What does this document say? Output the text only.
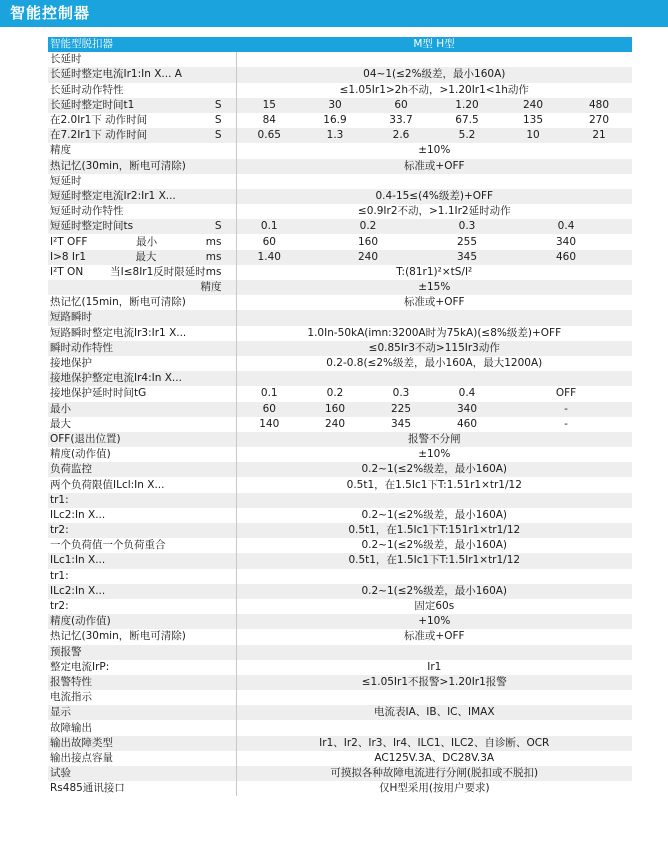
智能控制器
智能型脱扣器	M型 H型					
长延时						
长延时整定电流Ir1:In X... A	04~1(≤2%级差，最小160A)					
长延时动作特性	≤1.05Ir1>2h不动，>1.20Ir1<1h动作					

长延时整定时间t1 S	15	30	60	1.20	240	480

在2.0Ir1下 动作时间 S	84	16.9	33.7	67.5	135	270

在7.2Ir1下 动作时间 S	0.65	1.3	2.6	5.2	10	21
精度	±10%					
热记忆(30min，断电可清除)	标准或+OFF					
短延时						
短延时整定电流Ir2:Ir1 X...	0.4-15≤(4%级差)+OFF					
短延时动作特性	≤0.9Ir2不动，>1.1Ir2延时动作					

短延时整定时间ts S	0.1	0.2		0.3	0.4	

I²T OFF 最小 ms	60	160		255	340	

I>8 Ir1 最大 ms	1.40	240		345	460	

I²T ON 当I≤8Ir1反时限延时ms	T:(81r1)²×tS/I²					

精度	±15%					
热记忆(15min，断电可清除)	标准或+OFF					
短路瞬时						
短路瞬时整定电流Ir3:Ir1 X...	1.0In-50kA(imn:3200A时为75kA)(≤8%级差)+OFF					
瞬时动作特性	≤0.85Ir3不动>115Ir3动作					
接地保护	0.2-0.8(≤2%级差，最小160A，最大1200A)					
接地保护整定电流Ir4:In X...						
接地保护延时时间tG	0.1	0.2	0.3	0.4	OFF	
最小	60	160	225	340	-	
最大	140	240	345	460	-	
OFF(退出位置)	报警不分闸					
精度(动作值)	±10%					
负荷监控	0.2~1(≤2%级差，最小160A)					
两个负荷限值ILcl:In X...	0.5t1，在1.5Ic1下T:1.51r1×tr1/12					
tr1:						
ILc2:In X...	0.2~1(≤2%级差，最小160A)					
tr2:	0.5t1，在1.5Ic1下T:151r1×tr1/12					
一个负荷值一个负荷重合	0.2~1(≤2%级差，最小160A)					
ILc1:In X...	0.5t1，在1.5Ic1下T:1.5Ir1×tr1/12					
tr1:						
ILc2:In X...	0.2~1(≤2%级差，最小160A)					
tr2:	固定60s					
精度(动作值)	+10%					
热记忆(30min，断电可清除)	标准或+OFF					
预报警						
整定电流IrP:	Ir1					
报警特性	≤1.05Ir1不报警>1.20Ir1报警					
电流指示						
显示	电流表IA、IB、IC、IMAX					
故障输出						
输出故障类型	Ir1、Ir2、Ir3、Ir4、ILC1、ILC2、自诊断、OCR					
输出接点容量	AC125V.3A、DC28V.3A					
试验	可摸拟各种故障电流进行分闸(脱扣或不脱扣)					
Rs485通讯接口	仅H型采用(按用户要求)					
